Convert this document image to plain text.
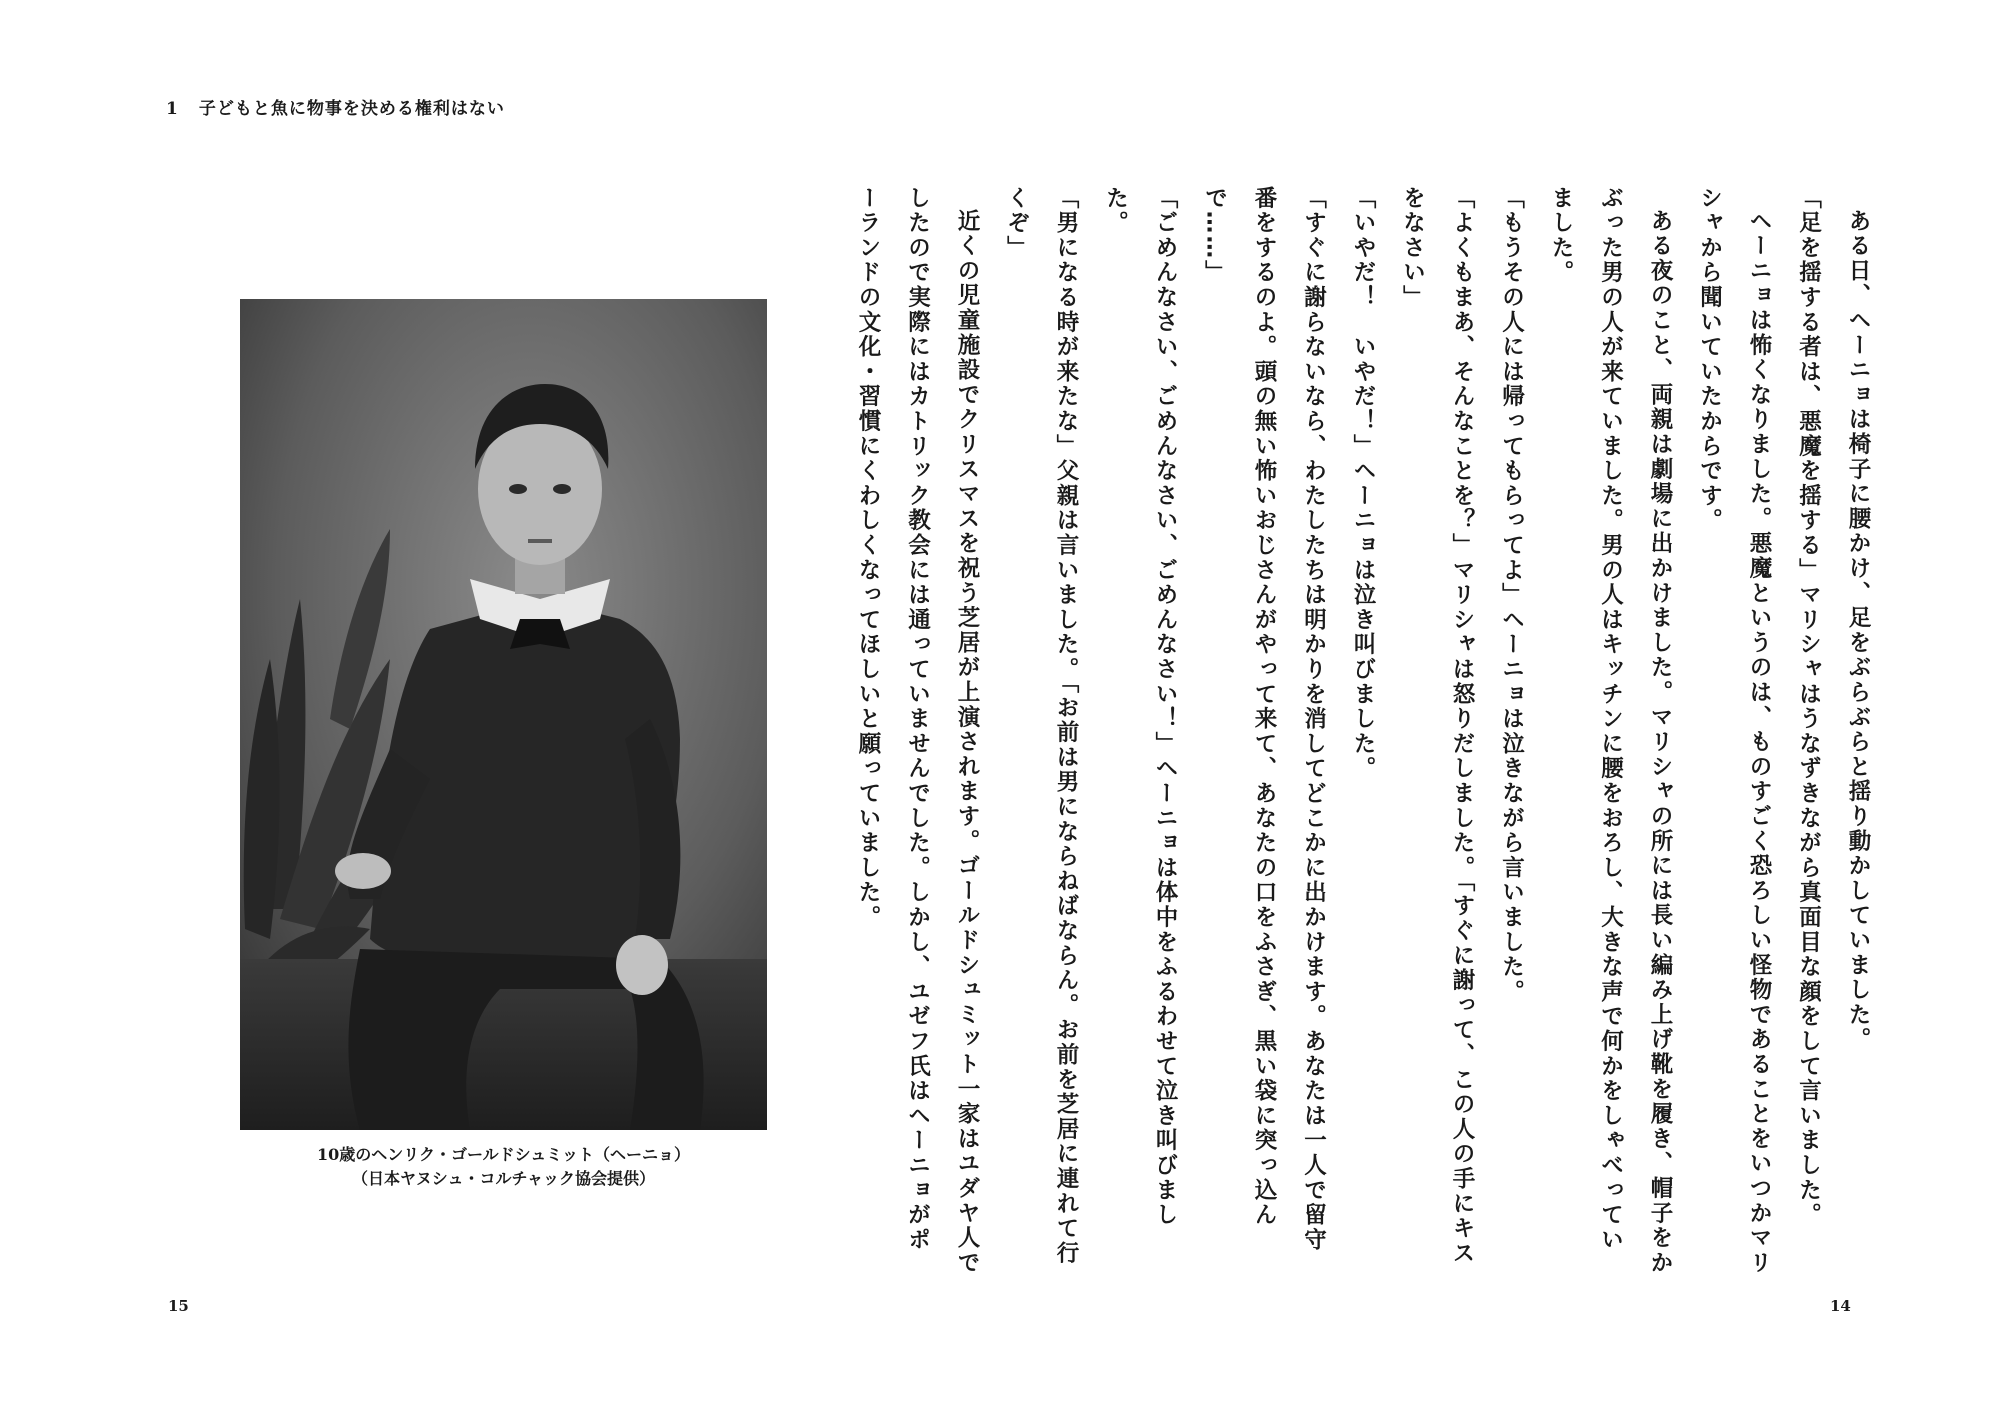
1 子どもと魚に物事を決める権利はない
10歳のヘンリク・ゴールドシュミット（ヘーニョ）
（日本ヤヌシュ・コルチャック協会提供）
15	14

ある日、ヘーニョは椅子に腰かけ、足をぶらぶらと揺り動かしていました。

「足を揺する者は、悪魔を揺する」マリシャはうなずきながら真面目な顔をして言いました。

ヘーニョは怖くなりました。悪魔というのは、ものすごく恐ろしい怪物であることをいつかマリシャから聞いていたからです。

ある夜のこと、両親は劇場に出かけました。マリシャの所には長い編み上げ靴を履き、帽子をかぶった男の人が来ていました。男の人はキッチンに腰をおろし、大きな声で何かをしゃべっていました。

「もうその人には帰ってもらってよ」ヘーニョは泣きながら言いました。

「よくもまあ、そんなことを？」マリシャは怒りだしました。「すぐに謝って、この人の手にキスをなさい」

「いやだ！　いやだ！」ヘーニョは泣き叫びました。

「すぐに謝らないなら、わたしたちは明かりを消してどこかに出かけます。あなたは一人で留守番をするのよ。頭の無い怖いおじさんがやって来て、あなたの口をふさぎ、黒い袋に突っ込んで……」

「ごめんなさい、ごめんなさい、ごめんなさい！」ヘーニョは体中をふるわせて泣き叫びました。

「男になる時が来たな」父親は言いました。「お前は男にならねばならん。お前を芝居に連れて行くぞ」

近くの児童施設でクリスマスを祝う芝居が上演されます。ゴールドシュミット一家はユダヤ人でしたので実際にはカトリック教会には通っていませんでした。しかし、ユゼフ氏はヘーニョがポーランドの文化・習慣にくわしくなってほしいと願っていました。
